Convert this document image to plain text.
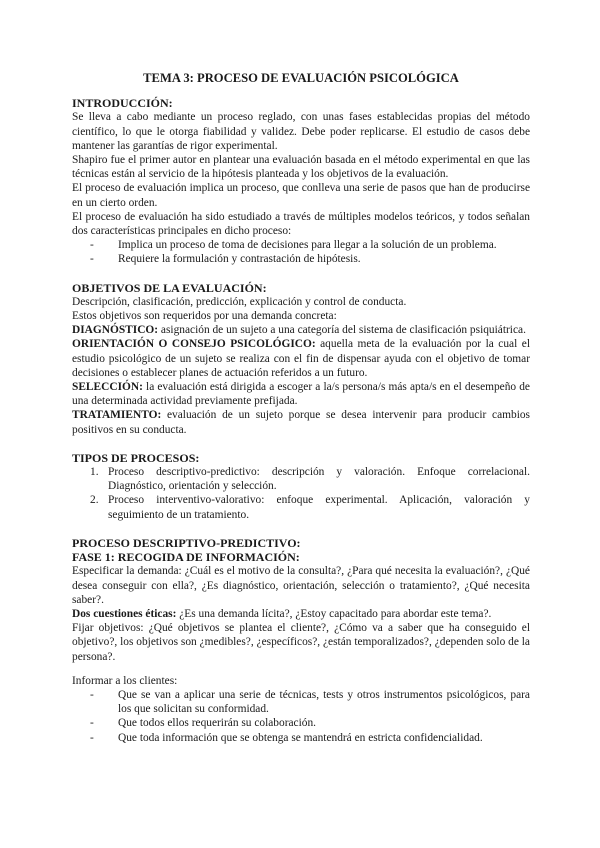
TEMA 3: PROCESO DE EVALUACIÓN PSICOLÓGICA
INTRODUCCIÓN:

Se lleva a cabo mediante un proceso reglado, con unas fases establecidas propias del método científico, lo que le otorga fiabilidad y validez. Debe poder replicarse. El estudio de casos debe mantener las garantías de rigor experimental.

Shapiro fue el primer autor en plantear una evaluación basada en el método experimental en que las técnicas están al servicio de la hipótesis planteada y los objetivos de la evaluación.

El proceso de evaluación implica un proceso, que conlleva una serie de pasos que han de producirse en un cierto orden.

El proceso de evaluación ha sido estudiado a través de múltiples modelos teóricos, y todos señalan dos características principales en dicho proceso:

- Implica un proceso de toma de decisiones para llegar a la solución de un problema.
- Requiere la formulación y contrastación de hipótesis.
OBJETIVOS DE LA EVALUACIÓN:

Descripción, clasificación, predicción, explicación y control de conducta.

Estos objetivos son requeridos por una demanda concreta:

DIAGNÓSTICO: asignación de un sujeto a una categoría del sistema de clasificación psiquiátrica.

ORIENTACIÓN O CONSEJO PSICOLÓGICO: aquella meta de la evaluación por la cual el estudio psicológico de un sujeto se realiza con el fin de dispensar ayuda con el objetivo de tomar decisiones o establecer planes de actuación referidos a un futuro.

SELECCIÓN: la evaluación está dirigida a escoger a la/s persona/s más apta/s en el desempeño de una determinada actividad previamente prefijada.

TRATAMIENTO: evaluación de un sujeto porque se desea intervenir para producir cambios positivos en su conducta.

TIPOS DE PROCESOS:
1. Proceso descriptivo-predictivo: descripción y valoración. Enfoque correlacional. Diagnóstico, orientación y selección.
2. Proceso interventivo-valorativo: enfoque experimental. Aplicación, valoración y seguimiento de un tratamiento.
PROCESO DESCRIPTIVO-PREDICTIVO:
FASE 1: RECOGIDA DE INFORMACIÓN:

Especificar la demanda: ¿Cuál es el motivo de la consulta?, ¿Para qué necesita la evaluación?, ¿Qué desea conseguir con ella?, ¿Es diagnóstico, orientación, selección o tratamiento?, ¿Qué necesita saber?.

Dos cuestiones éticas: ¿Es una demanda lícita?, ¿Estoy capacitado para abordar este tema?.

Fijar objetivos: ¿Qué objetivos se plantea el cliente?, ¿Cómo va a saber que ha conseguido el objetivo?, los objetivos son ¿medibles?, ¿específicos?, ¿están temporalizados?, ¿dependen solo de la persona?.

Informar a los clientes:

- Que se van a aplicar una serie de técnicas, tests y otros instrumentos psicológicos, para los que solicitan su conformidad.
- Que todos ellos requerirán su colaboración.
- Que toda información que se obtenga se mantendrá en estricta confidencialidad.
